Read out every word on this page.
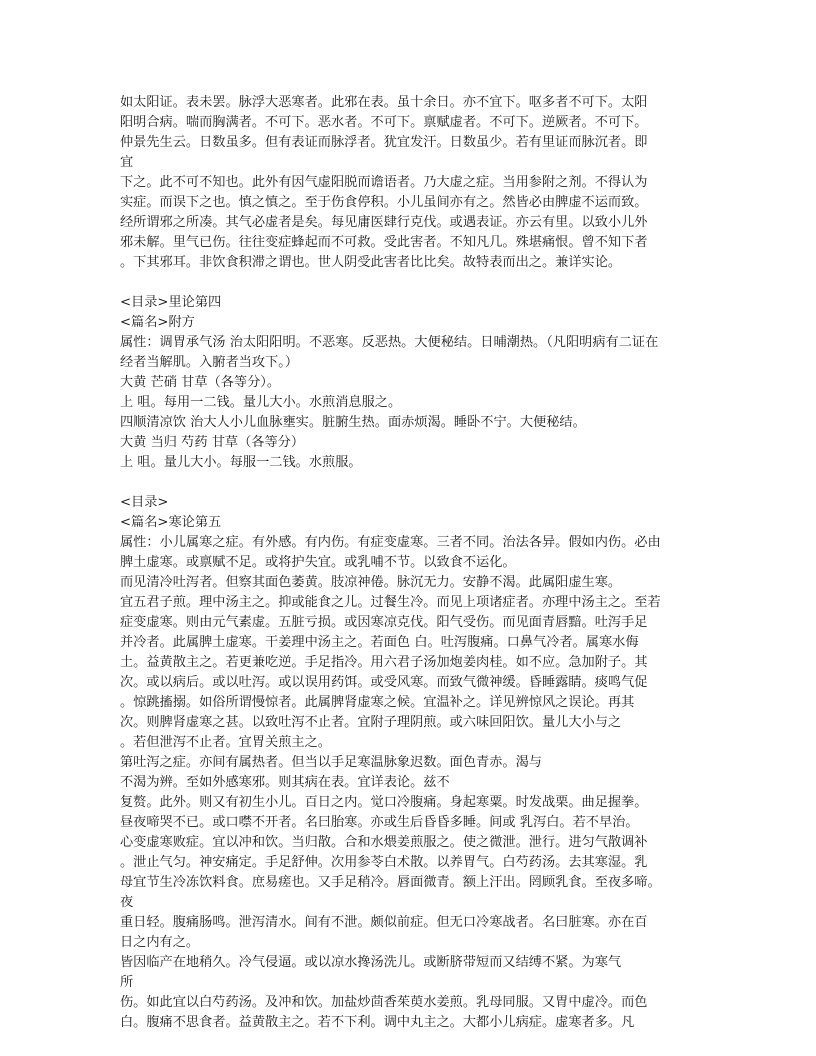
如太阳证。表未罢。脉浮大恶寒者。此邪在表。虽十余日。亦不宜下。呕多者不可下。太阳
阳明合病。喘而胸满者。不可下。恶水者。不可下。禀赋虚者。不可下。逆厥者。不可下。
仲景先生云。日数虽多。但有表证而脉浮者。犹宜发汗。日数虽少。若有里证而脉沉者。即
宜
下之。此不可不知也。此外有因气虚阳脱而谵语者。乃大虚之症。当用参附之剂。不得认为
实症。而误下之也。慎之慎之。至于伤食停积。小儿虽间亦有之。然皆必由脾虚不运而致。
经所谓邪之所凑。其气必虚者是矣。每见庸医肆行克伐。或遇表证。亦云有里。以致小儿外
邪未解。里气已伤。往往变症蜂起而不可救。受此害者。不知凡几。殊堪痛恨。曾不知下者
。下其邪耳。非饮食积滞之谓也。世人阴受此害者比比矣。故特表而出之。兼详实论。
<目录>里论第四
<篇名>附方
属性：调胃承气汤 治太阳阳明。不恶寒。反恶热。大便秘结。日晡潮热。（凡阳明病有二证在
经者当解肌。入腑者当攻下。）
大黄 芒硝 甘草（各等分）。
上 咀。每用一二钱。量儿大小。水煎消息服之。
四顺清凉饮 治大人小儿血脉壅实。脏腑生热。面赤烦渴。睡卧不宁。大便秘结。
大黄 当归 芍药 甘草（各等分）
上 咀。量儿大小。每服一二钱。水煎服。
<目录>
<篇名>寒论第五
属性：小儿属寒之症。有外感。有内伤。有症变虚寒。三者不同。治法各异。假如内伤。必由
脾土虚寒。或禀赋不足。或将护失宜。或乳哺不节。以致食不运化。
而见清冷吐泻者。但察其面色萎黄。肢凉神倦。脉沉无力。安静不渴。此属阳虚生寒。
宜五君子煎。理中汤主之。抑或能食之儿。过餐生冷。而见上项诸症者。亦理中汤主之。至若
症变虚寒。则由元气素虚。五脏亏损。或因寒凉克伐。阳气受伤。而见面青唇黯。吐泻手足
并冷者。此属脾土虚寒。干姜理中汤主之。若面色 白。吐泻腹痛。口鼻气冷者。属寒水侮
土。益黄散主之。若更兼吃逆。手足指冷。用六君子汤加炮姜肉桂。如不应。急加附子。其
次。或以病后。或以吐泻。或以误用药饵。或受风寒。而致气微神缓。昏睡露睛。痰鸣气促
。惊跳搐搦。如俗所谓慢惊者。此属脾肾虚寒之候。宜温补之。详见辨惊风之误论。再其
次。则脾肾虚寒之甚。以致吐泻不止者。宜附子理阴煎。或六味回阳饮。量儿大小与之
。若但泄泻不止者。宜胃关煎主之。
第吐泻之症。亦间有属热者。但当以手足寒温脉象迟数。面色青赤。渴与
不渴为辨。至如外感寒邪。则其病在表。宜详表论。兹不
复赘。此外。则又有初生小儿。百日之内。觉口冷腹痛。身起寒粟。时发战栗。曲足握拳。
昼夜啼哭不已。或口噤不开者。名曰胎寒。亦或生后昏昏多睡。间或 乳泻白。若不早治。
心变虚寒败症。宜以冲和饮。当归散。合和水煨姜煎服之。使之微泄。泄行。进匀气散调补
。泄止气匀。神安痛定。手足舒伸。次用参苓白术散。以养胃气。白芍药汤。去其寒湿。乳
母宜节生冷冻饮料食。庶易瘥也。又手足稍冷。唇面微青。额上汗出。罔顾乳食。至夜多啼。
夜
重日轻。腹痛肠鸣。泄泻清水。间有不泄。颇似前症。但无口冷寒战者。名曰脏寒。亦在百
日之内有之。
皆因临产在地稍久。冷气侵逼。或以凉水搀汤洗儿。或断脐带短而又结缚不紧。为寒气
所
伤。如此宜以白芍药汤。及冲和饮。加盐炒茴香茱萸水姜煎。乳母同服。又胃中虚冷。而色
白。腹痛不思食者。益黄散主之。若不下利。调中丸主之。大都小儿病症。虚寒者多。凡
